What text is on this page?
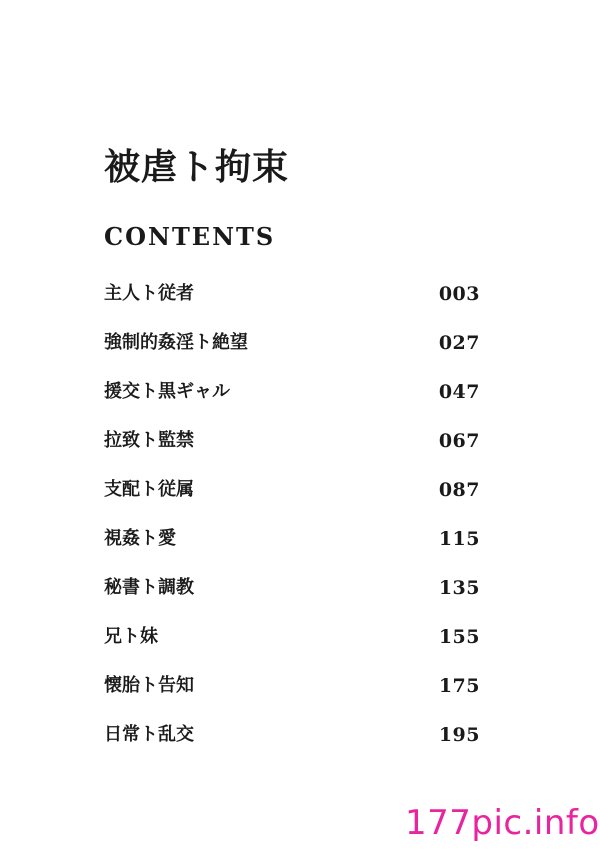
被虐ト拘束
CONTENTS
主人ト従者	003
強制的姦淫ト絶望	027
援交ト黒ギャル	047
拉致ト監禁	067
支配ト従属	087
視姦ト愛	115
秘書ト調教	135
兄ト妹	155
懐胎ト告知	175
日常ト乱交	195
177pic.info
